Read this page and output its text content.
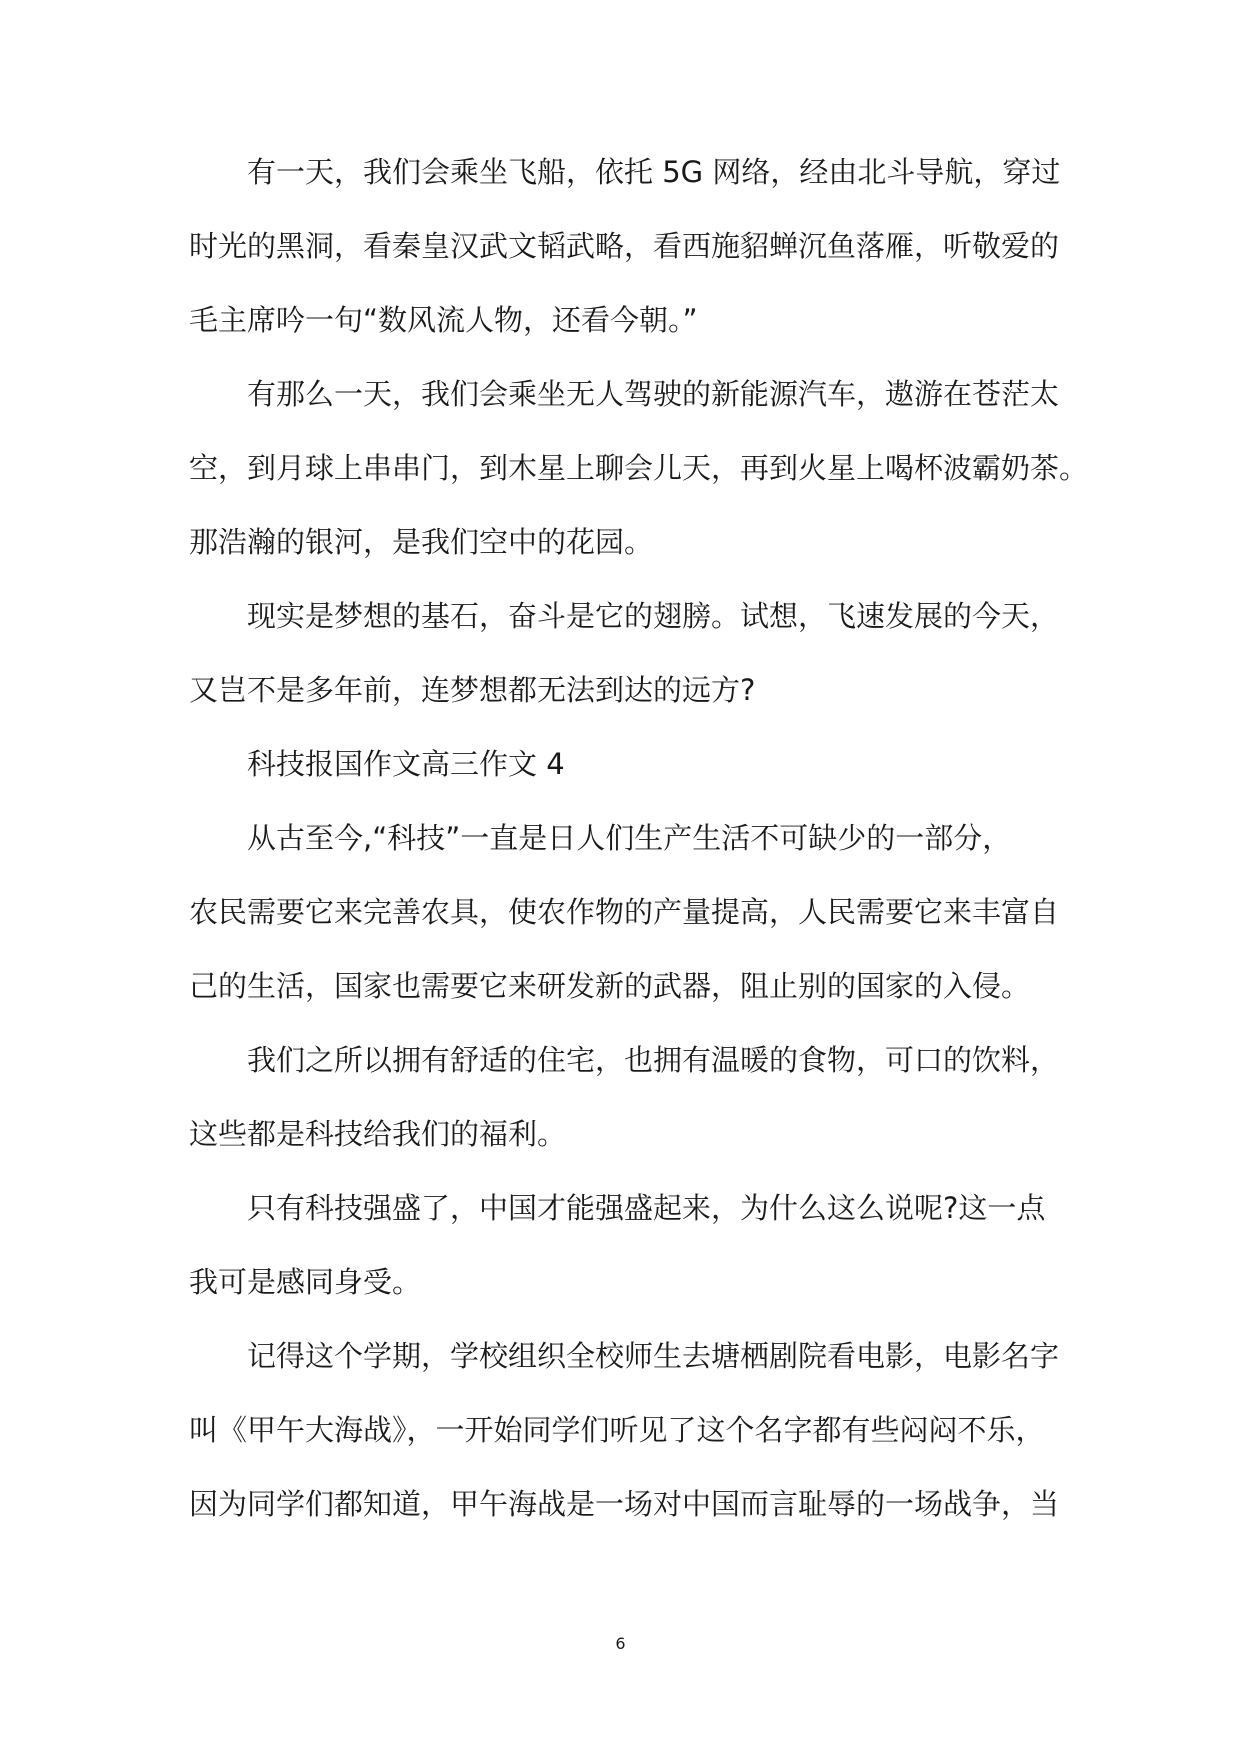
有一天，我们会乘坐飞船，依托 5G 网络，经由北斗导航，穿过
时光的黑洞，看秦皇汉武文韬武略，看西施貂蝉沉鱼落雁，听敬爱的
毛主席吟一句“数风流人物，还看今朝。”
有那么一天，我们会乘坐无人驾驶的新能源汽车，遨游在苍茫太
空，到月球上串串门，到木星上聊会儿天，再到火星上喝杯波霸奶茶。
那浩瀚的银河，是我们空中的花园。
现实是梦想的基石，奋斗是它的翅膀。试想，飞速发展的今天，
又岂不是多年前，连梦想都无法到达的远方?
科技报国作文高三作文 4
从古至今,“科技”一直是日人们生产生活不可缺少的一部分，
农民需要它来完善农具，使农作物的产量提高，人民需要它来丰富自
己的生活，国家也需要它来研发新的武器，阻止别的国家的入侵。
我们之所以拥有舒适的住宅，也拥有温暖的食物，可口的饮料，
这些都是科技给我们的福利。
只有科技强盛了，中国才能强盛起来，为什么这么说呢?这一点
我可是感同身受。
记得这个学期，学校组织全校师生去塘栖剧院看电影，电影名字
叫《甲午大海战》，一开始同学们听见了这个名字都有些闷闷不乐，
因为同学们都知道，甲午海战是一场对中国而言耻辱的一场战争，当
6
